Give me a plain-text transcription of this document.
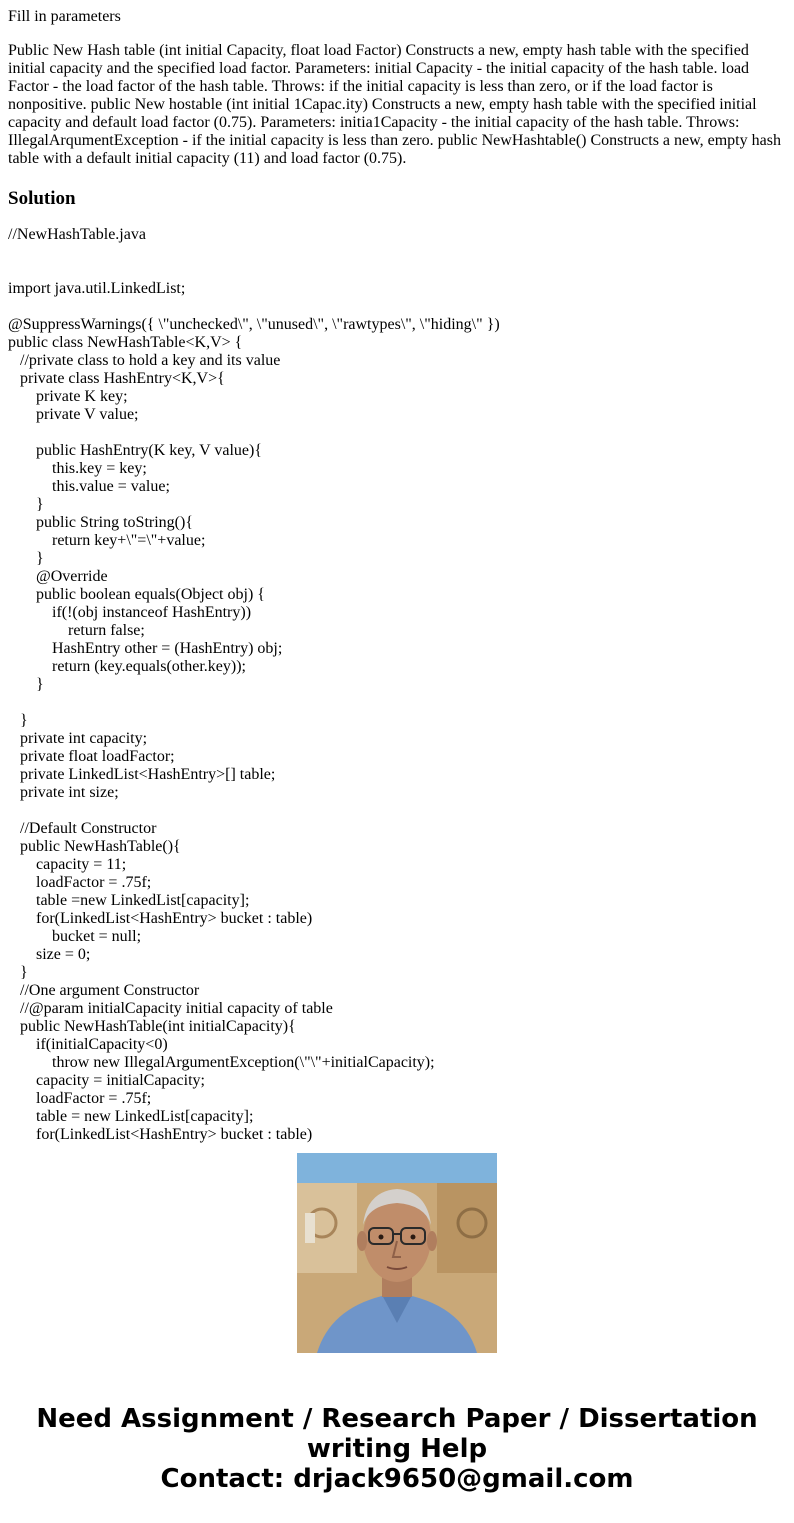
Fill in parameters

Public New Hash table (int initial Capacity, float load Factor) Constructs a new, empty hash table with the specified initial capacity and the specified load factor. Parameters: initial Capacity - the initial capacity of the hash table. load Factor - the load factor of the hash table. Throws: if the initial capacity is less than zero, or if the load factor is nonpositive. public New hostable (int initial 1Capac.ity) Constructs a new, empty hash table with the specified initial capacity and default load factor (0.75). Parameters: initia1Capacity - the initial capacity of the hash table. Throws: IllegalArqumentException - if the initial capacity is less than zero. public NewHashtable() Constructs a new, empty hash table with a default initial capacity (11) and load factor (0.75).

Solution
//NewHashTable.java

import java.util.LinkedList;

@SuppressWarnings({ \"unchecked\", \"unused\", \"rawtypes\", \"hiding\" })
public class NewHashTable<K,V> {
//private class to hold a key and its value
private class HashEntry<K,V>{
private K key;
private V value;

public HashEntry(K key, V value){
this.key = key;
this.value = value;
}
public String toString(){
return key+\"=\"+value;
}
@Override
public boolean equals(Object obj) {
if(!(obj instanceof HashEntry))
return false;
HashEntry other = (HashEntry) obj;
return (key.equals(other.key));
}

}
private int capacity;
private float loadFactor;
private LinkedList<HashEntry>[] table;
private int size;

//Default Constructor
public NewHashTable(){
capacity = 11;
loadFactor = .75f;
table =new LinkedList[capacity];
for(LinkedList<HashEntry> bucket : table)
bucket = null;
size = 0;
}
//One argument Constructor
//@param initialCapacity initial capacity of table
public NewHashTable(int initialCapacity){
if(initialCapacity<0)
throw new IllegalArgumentException(\"\"+initialCapacity);
capacity = initialCapacity;
loadFactor = .75f;
table = new LinkedList[capacity];
for(LinkedList<HashEntry> bucket : table)
Need Assignment / Research Paper / Dissertation
writing Help
Contact: drjack9650@gmail.com
